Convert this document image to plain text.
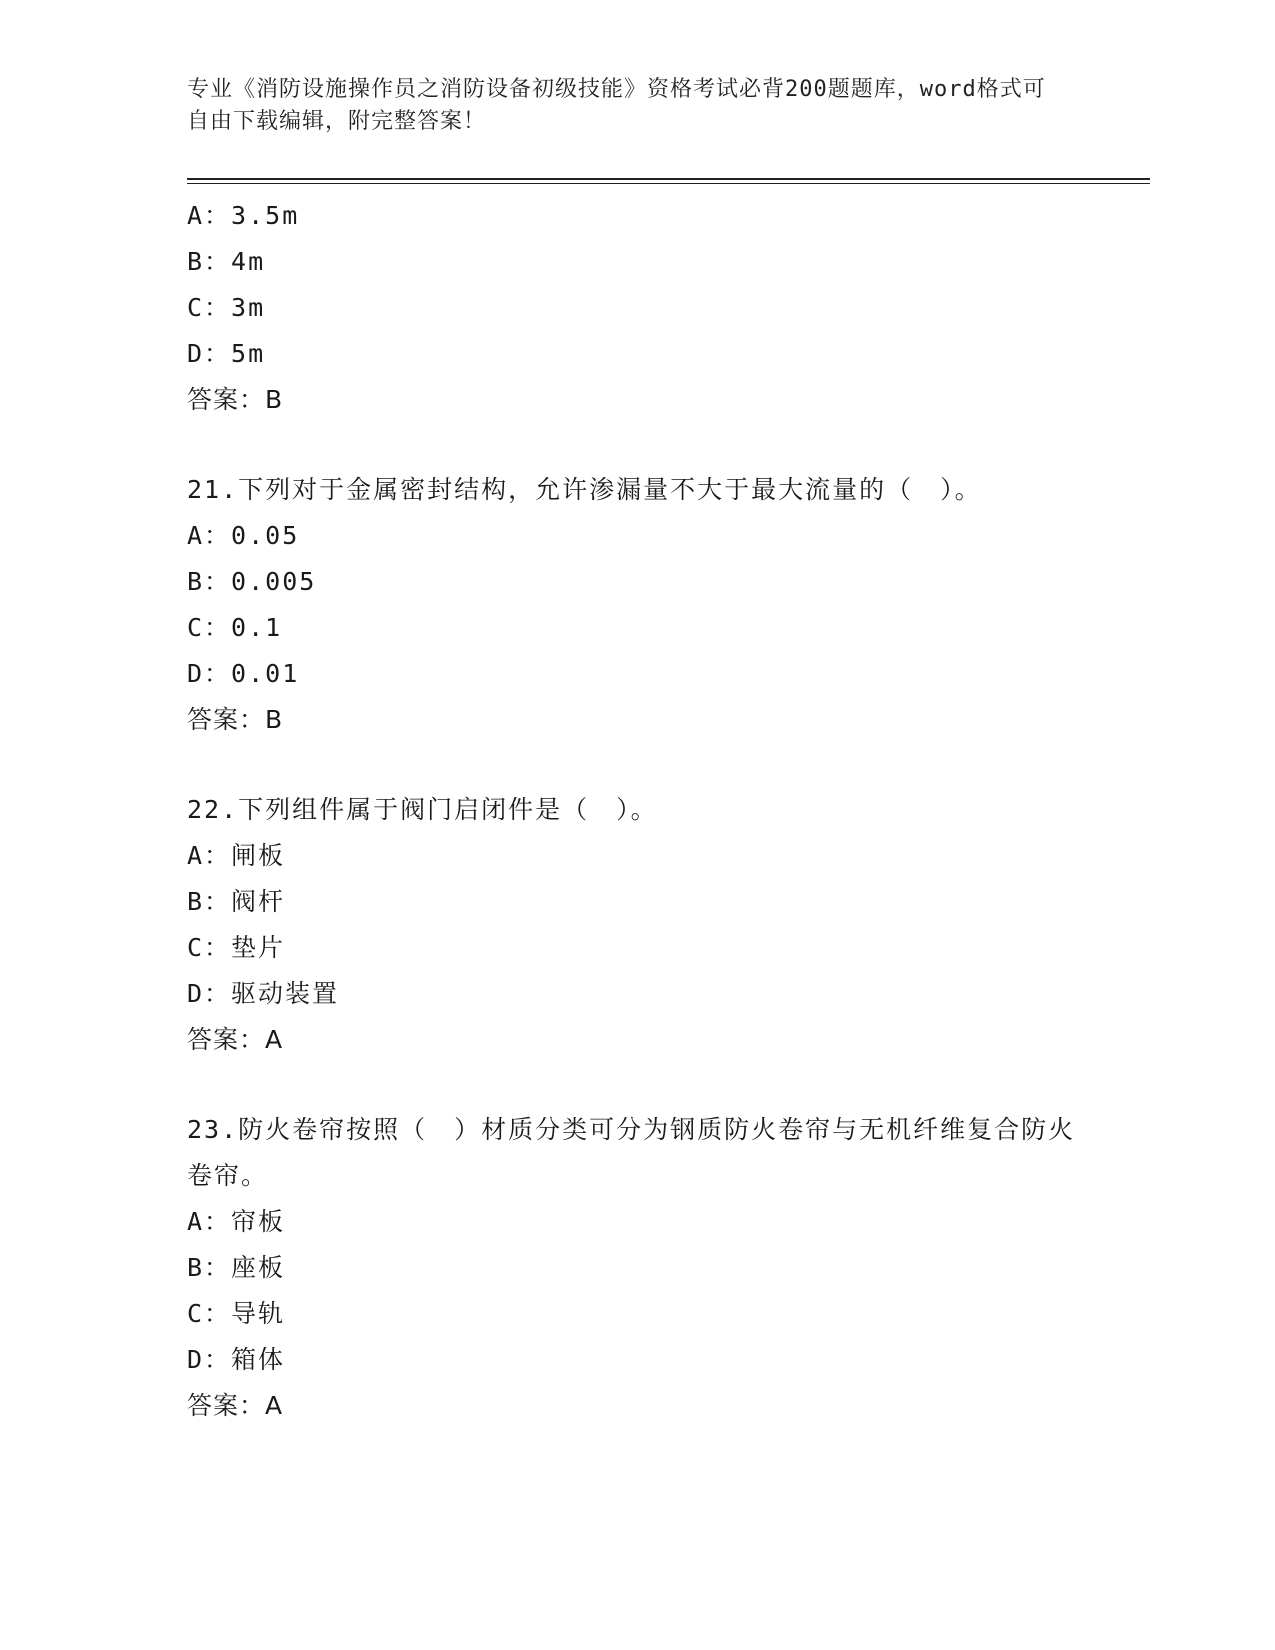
专业《消防设施操作员之消防设备初级技能》资格考试必背200题题库，word格式可自由下载编辑，附完整答案！
A：3.5m
B：4m
C：3m
D：5m
答案：B
21.下列对于金属密封结构，允许渗漏量不大于最大流量的（　）。
A：0.05
B：0.005
C：0.1
D：0.01
答案：B
22.下列组件属于阀门启闭件是（　）。
A：闸板
B：阀杆
C：垫片
D：驱动装置
答案：A
23.防火卷帘按照（　）材质分类可分为钢质防火卷帘与无机纤维复合防火卷帘。
A：帘板
B：座板
C：导轨
D：箱体
答案：A
